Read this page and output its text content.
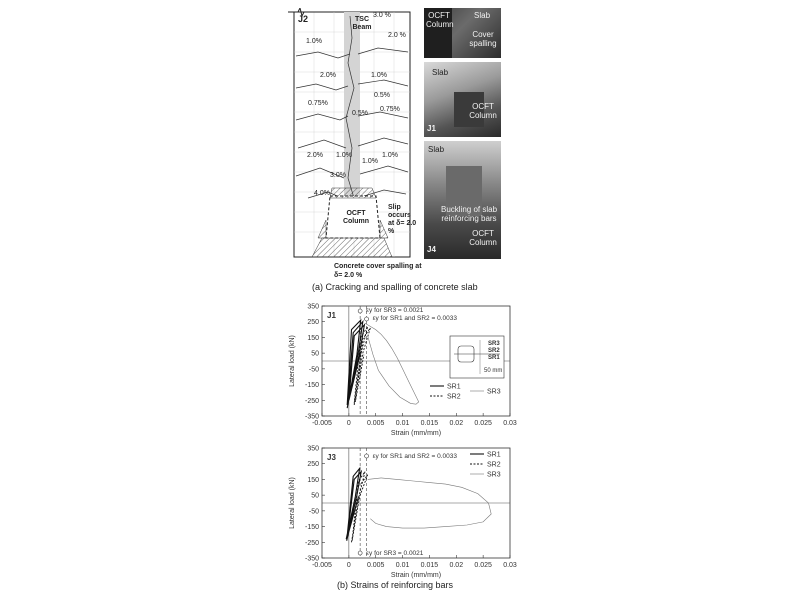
J2	TSC Beam
3.0 %
2.0 %
1.0%
2.0%	1.0%
0.5%
0.75%
0.75%
0.5%
1.0%
1.0%
2.0% 1.0%
3.0%
4.0%
OCFT Column
Slip occurs at δ= 2.0 %
Concrete cover spalling at
δ= 2.0 %
OCFT Column
Slab
Cover spalling
Slab
OCFT Column
J1
Slab
Buckling of slab reinforcing bars
OCFT Column
J4
(a) Cracking and spalling of concrete slab
350
250
150
50
-50
-150
-250
-350
-0.005 0 0.005 0.01 0.015 0.02 0.025 0.03
Strain (mm/mm)
Lateral load (kN)
J1
εy for SR3 = 0.0021
εy for SR1 and SR2 = 0.0033
SR1
SR2
SR3
SR3
SR2
SR1
50 mm
350
250
150
50
-50
-150
-250
-350
-0.005 0 0.005 0.01 0.015 0.02 0.025 0.03
Strain (mm/mm)
Lateral load (kN)
J3	εy for SR1 and SR2 = 0.0033
εy for SR3 = 0.0021
SR1
SR2
SR3
(b) Strains of reinforcing bars
